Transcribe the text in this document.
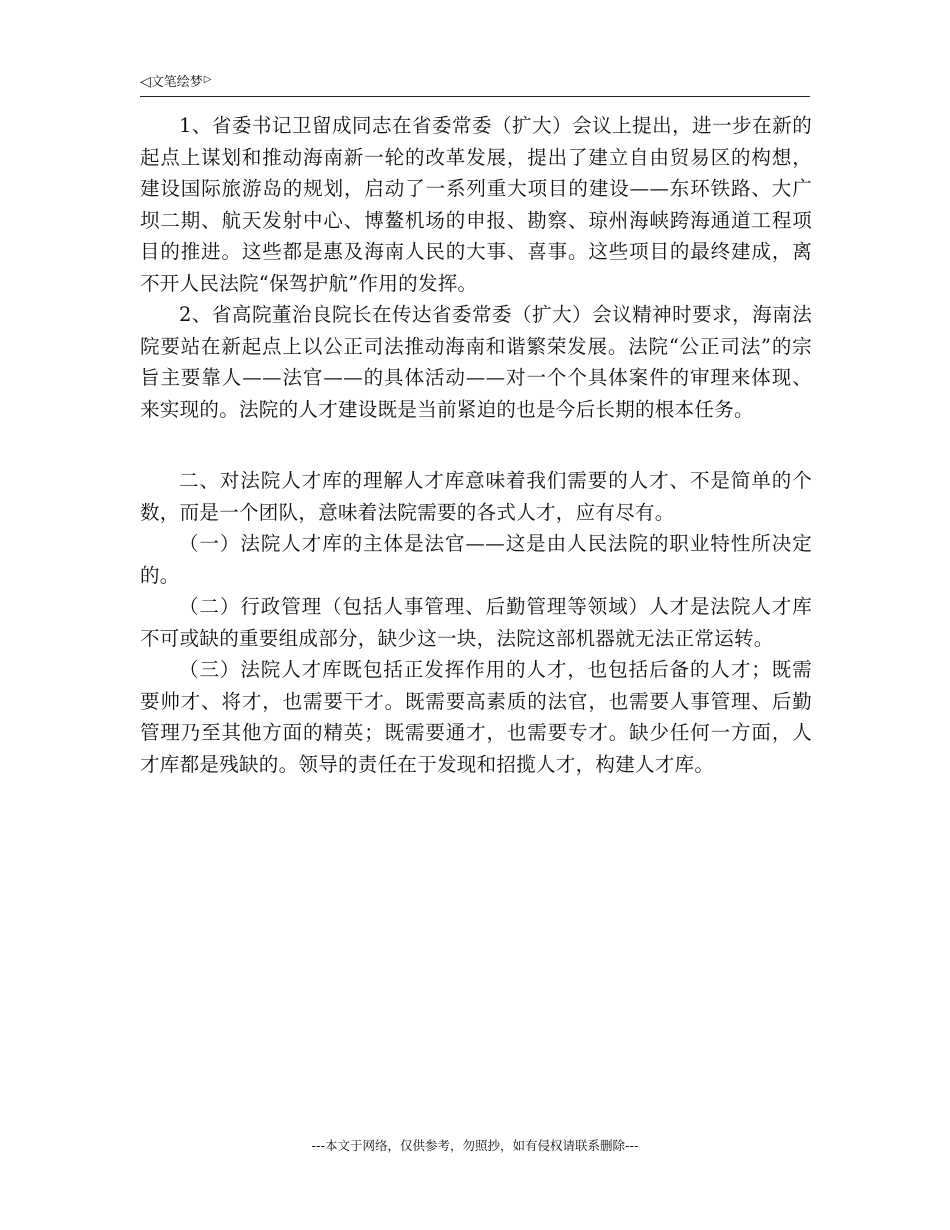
◁ 文笔绘梦 ▷

1、省委书记卫留成同志在省委常委（扩大）会议上提出，进一步在新的起点上谋划和推动海南新一轮的改革发展，提出了建立自由贸易区的构想，建设国际旅游岛的规划，启动了一系列重大项目的建设——东环铁路、大广坝二期、航天发射中心、博鳌机场的申报、勘察、琼州海峡跨海通道工程项目的推进。这些都是惠及海南人民的大事、喜事。这些项目的最终建成，离不开人民法院“保驾护航”作用的发挥。

2、省高院董治良院长在传达省委常委（扩大）会议精神时要求，海南法院要站在新起点上以公正司法推动海南和谐繁荣发展。法院“公正司法”的宗旨主要靠人——法官——的具体活动——对一个个具体案件的审理来体现、来实现的。法院的人才建设既是当前紧迫的也是今后长期的根本任务。

二、对法院人才库的理解人才库意味着我们需要的人才、不是简单的个数，而是一个团队，意味着法院需要的各式人才，应有尽有。

（一）法院人才库的主体是法官——这是由人民法院的职业特性所决定的。

（二）行政管理（包括人事管理、后勤管理等领域）人才是法院人才库不可或缺的重要组成部分，缺少这一块，法院这部机器就无法正常运转。

（三）法院人才库既包括正发挥作用的人才，也包括后备的人才；既需要帅才、将才，也需要干才。既需要高素质的法官，也需要人事管理、后勤管理乃至其他方面的精英；既需要通才，也需要专才。缺少任何一方面，人才库都是残缺的。领导的责任在于发现和招揽人才，构建人才库。

---本文于网络，仅供参考，勿照抄，如有侵权请联系删除---
